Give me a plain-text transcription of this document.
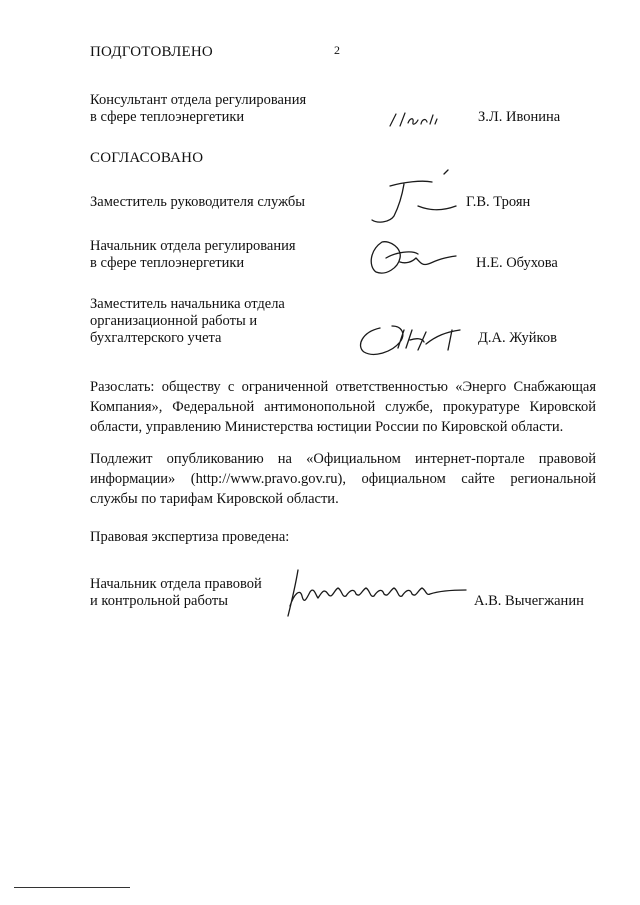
2
ПОДГОТОВЛЕНО
Консультант отдела регулирования
в сфере теплоэнергетики	З.Л. Ивонина
СОГЛАСОВАНО
Заместитель руководителя службы	Г.В. Троян
Начальник отдела регулирования
в сфере теплоэнергетики	Н.Е. Обухова
Заместитель начальника отдела
организационной работы и
бухгалтерского учета	Д.А. Жуйков
Разослать: обществу с ограниченной ответственностью «Энерго Снабжающая
Компания», Федеральной антимонопольной службе, прокуратуре Кировской
области, управлению Министерства юстиции России по Кировской области.
Подлежит опубликованию на «Официальном интернет-портале правовой
информации» (http://www.pravo.gov.ru), официальном сайте региональной
службы по тарифам Кировской области.
Правовая экспертиза проведена:
Начальник отдела правовой
и контрольной работы	А.В. Вычегжанин
